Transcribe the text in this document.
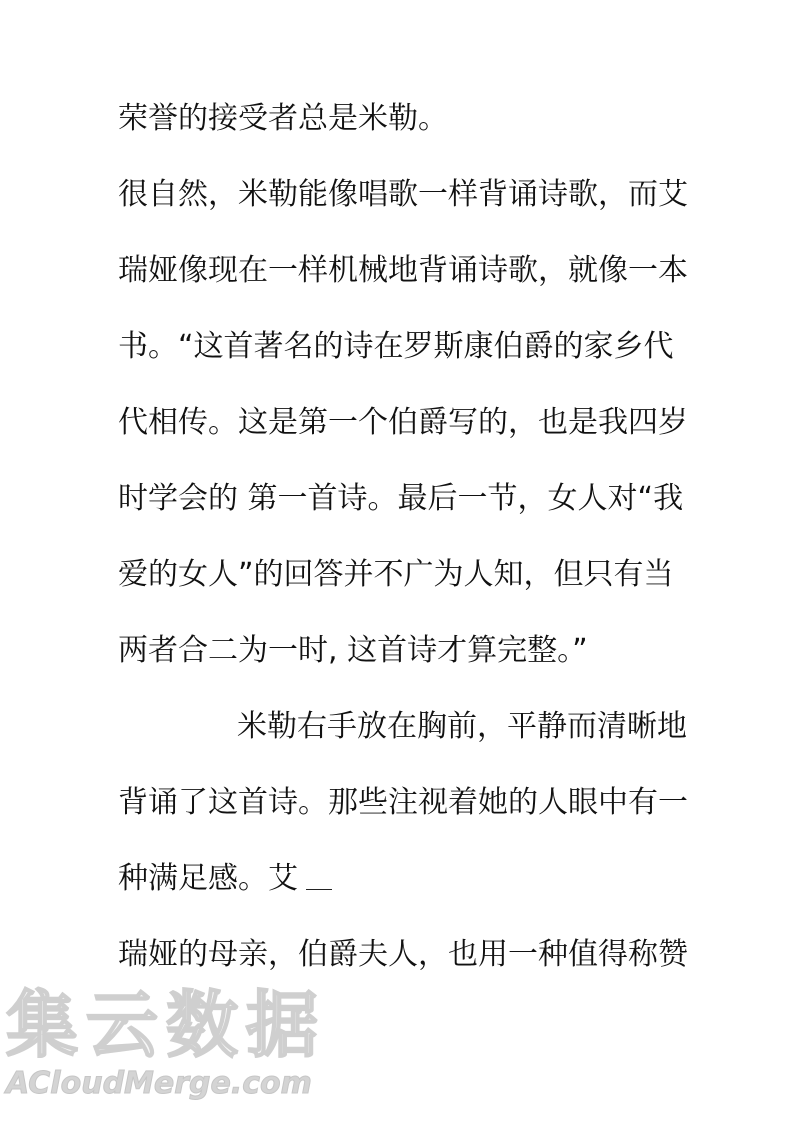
荣誉的接受者总是米勒。
很自然，米勒能像唱歌一样背诵诗歌，而艾
瑞娅像现在一样机械地背诵诗歌，就像一本
书。“这首著名的诗在罗斯康伯爵的家乡代
代相传。这是第一个伯爵写的，也是我四岁
时学会的 第一首诗。最后一节，女人对“我
爱的女人”的回答并不广为人知，但只有当
两者合二为一时, 这首诗才算完整。”
米勒右手放在胸前，平静而清晰地
背诵了这首诗。那些注视着她的人眼中有一
种满足感。艾
瑞娅的母亲，伯爵夫人，也用一种值得称赞
集云数据
ACloudMerge.com
